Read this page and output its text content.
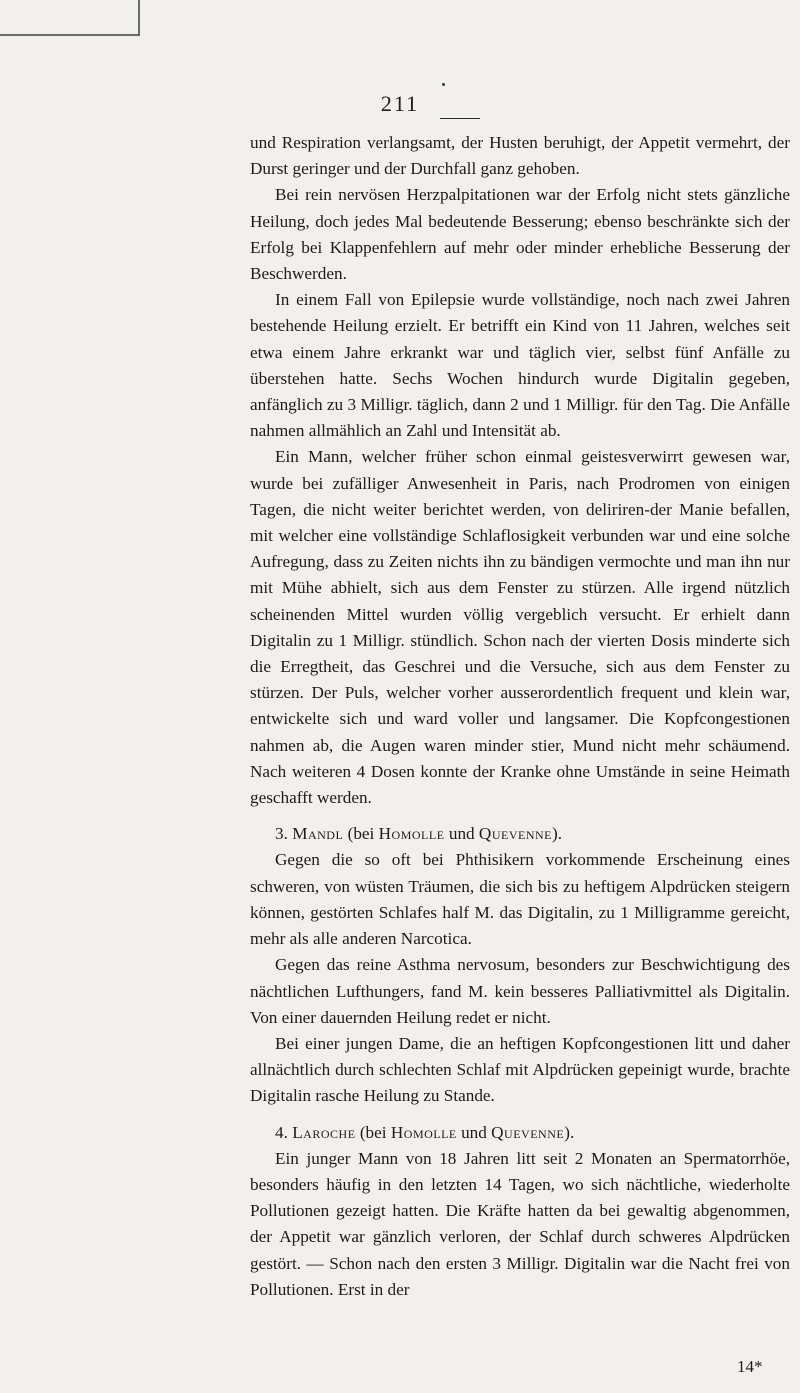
211

und Respiration verlangsamt, der Husten beruhigt, der Appetit vermehrt, der Durst geringer und der Durchfall ganz gehoben.

Bei rein nervösen Herzpalpitationen war der Erfolg nicht stets gänzliche Heilung, doch jedes Mal bedeutende Besserung; ebenso beschränkte sich der Erfolg bei Klappenfehlern auf mehr oder minder erhebliche Besserung der Beschwerden.

In einem Fall von Epilepsie wurde vollständige, noch nach zwei Jahren bestehende Heilung erzielt. Er betrifft ein Kind von 11 Jahren, welches seit etwa einem Jahre erkrankt war und täglich vier, selbst fünf Anfälle zu überstehen hatte. Sechs Wochen hindurch wurde Digitalin gegeben, anfänglich zu 3 Milligr. täglich, dann 2 und 1 Milligr. für den Tag. Die Anfälle nahmen allmählich an Zahl und Intensität ab.

Ein Mann, welcher früher schon einmal geistesverwirrt gewesen war, wurde bei zufälliger Anwesenheit in Paris, nach Prodromen von einigen Tagen, die nicht weiter berichtet werden, von deliriren-der Manie befallen, mit welcher eine vollständige Schlaflosigkeit verbunden war und eine solche Aufregung, dass zu Zeiten nichts ihn zu bändigen vermochte und man ihn nur mit Mühe abhielt, sich aus dem Fenster zu stürzen. Alle irgend nützlich scheinenden Mittel wurden völlig vergeblich versucht. Er erhielt dann Digitalin zu 1 Milligr. stündlich. Schon nach der vierten Dosis minderte sich die Erregtheit, das Geschrei und die Versuche, sich aus dem Fenster zu stürzen. Der Puls, welcher vorher ausserordentlich frequent und klein war, entwickelte sich und ward voller und langsamer. Die Kopfcongestionen nahmen ab, die Augen waren minder stier, Mund nicht mehr schäumend. Nach weiteren 4 Dosen konnte der Kranke ohne Umstände in seine Heimath geschafft werden.

3. Mandl (bei Homolle und Quevenne).

Gegen die so oft bei Phthisikern vorkommende Erscheinung eines schweren, von wüsten Träumen, die sich bis zu heftigem Alpdrücken steigern können, gestörten Schlafes half M. das Digitalin, zu 1 Milligramme gereicht, mehr als alle anderen Narcotica.

Gegen das reine Asthma nervosum, besonders zur Beschwichtigung des nächtlichen Lufthungers, fand M. kein besseres Palliativmittel als Digitalin. Von einer dauernden Heilung redet er nicht.

Bei einer jungen Dame, die an heftigen Kopfcongestionen litt und daher allnächtlich durch schlechten Schlaf mit Alpdrücken gepeinigt wurde, brachte Digitalin rasche Heilung zu Stande.

4. Laroche (bei Homolle und Quevenne).

Ein junger Mann von 18 Jahren litt seit 2 Monaten an Spermatorrhöe, besonders häufig in den letzten 14 Tagen, wo sich nächtliche, wiederholte Pollutionen gezeigt hatten. Die Kräfte hatten da bei gewaltig abgenommen, der Appetit war gänzlich verloren, der Schlaf durch schweres Alpdrücken gestört. — Schon nach den ersten 3 Milligr. Digitalin war die Nacht frei von Pollutionen. Erst in der

14*
